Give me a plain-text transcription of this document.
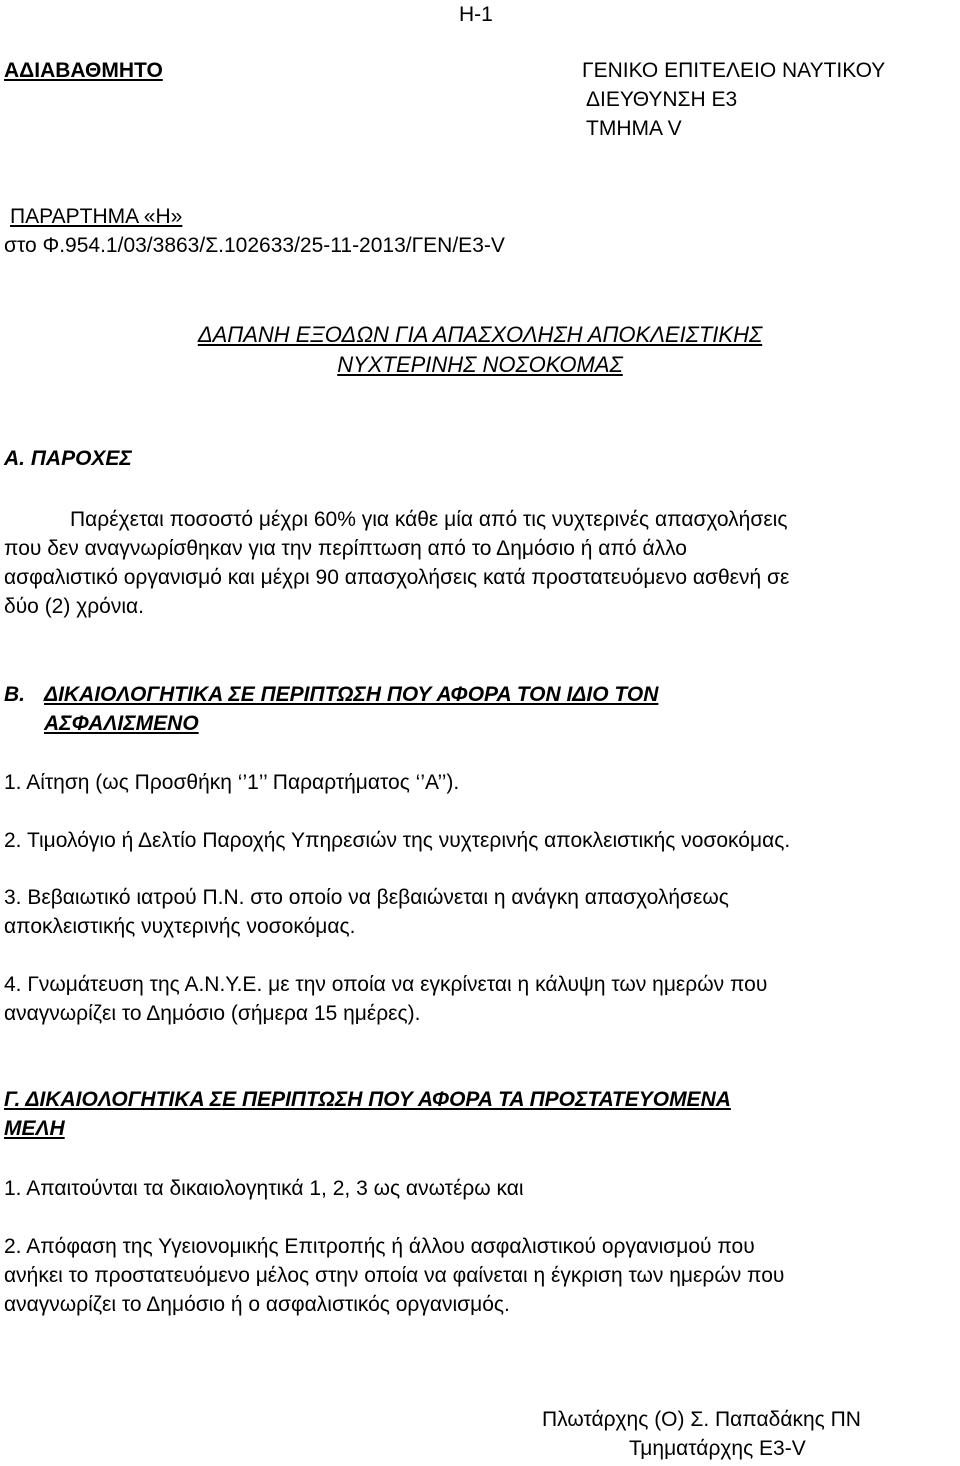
Η-1
ΑΔΙΑΒΑΘΜΗΤΟ	ΓΕΝΙΚΟ ΕΠΙΤΕΛΕΙΟ ΝΑΥΤΙΚΟΥ
ΔΙΕΥΘΥΝΣΗ Ε3
ΤΜΗΜΑ V
ΠΑΡΑΡΤΗΜΑ «Η»
στο Φ.954.1/03/3863/Σ.102633/25-11-2013/ΓΕΝ/Ε3-V
ΔΑΠΑΝΗ ΕΞΟΔΩΝ ΓΙΑ ΑΠΑΣΧΟΛΗΣΗ ΑΠΟΚΛΕΙΣΤΙΚΗΣ
ΝΥΧΤΕΡΙΝΗΣ ΝΟΣΟΚΟΜΑΣ
Α. ΠΑΡΟΧΕΣ
Παρέχεται ποσοστό μέχρι 60% για κάθε μία από τις νυχτερινές απασχολήσεις
που δεν αναγνωρίσθηκαν για την περίπτωση από το Δημόσιο ή από άλλο
ασφαλιστικό οργανισμό και μέχρι 90 απασχολήσεις κατά προστατευόμενο ασθενή σε
δύο (2) χρόνια.
Β. ΔΙΚΑΙΟΛΟΓΗΤΙΚΑ ΣΕ ΠΕΡΙΠΤΩΣΗ ΠΟΥ ΑΦΟΡΑ ΤΟΝ ΙΔΙΟ ΤΟΝ
ΑΣΦΑΛΙΣΜΕΝΟ
1. Αίτηση (ως Προσθήκη ‘’1’’ Παραρτήματος ‘’Α’’).
2. Τιμολόγιο ή Δελτίο Παροχής Υπηρεσιών της νυχτερινής αποκλειστικής νοσοκόμας.
3. Βεβαιωτικό ιατρού Π.Ν. στο οποίο να βεβαιώνεται η ανάγκη απασχολήσεως
αποκλειστικής νυχτερινής νοσοκόμας.
4. Γνωμάτευση της Α.Ν.Υ.Ε. με την οποία να εγκρίνεται η κάλυψη των ημερών που
αναγνωρίζει το Δημόσιο (σήμερα 15 ημέρες).
Γ. ΔΙΚΑΙΟΛΟΓΗΤΙΚΑ ΣΕ ΠΕΡΙΠΤΩΣΗ ΠΟΥ ΑΦΟΡΑ ΤΑ ΠΡΟΣΤΑΤΕΥΟΜΕΝΑ
ΜΕΛΗ
1. Απαιτούνται τα δικαιολογητικά 1, 2, 3 ως ανωτέρω και
2. Απόφαση της Υγειονομικής Επιτροπής ή άλλου ασφαλιστικού οργανισμού που
ανήκει το προστατευόμενο μέλος στην οποία να φαίνεται η έγκριση των ημερών που
αναγνωρίζει το Δημόσιο ή ο ασφαλιστικός οργανισμός.
Πλωτάρχης (Ο) Σ. Παπαδάκης ΠΝ
Τμηματάρχης Ε3-V
